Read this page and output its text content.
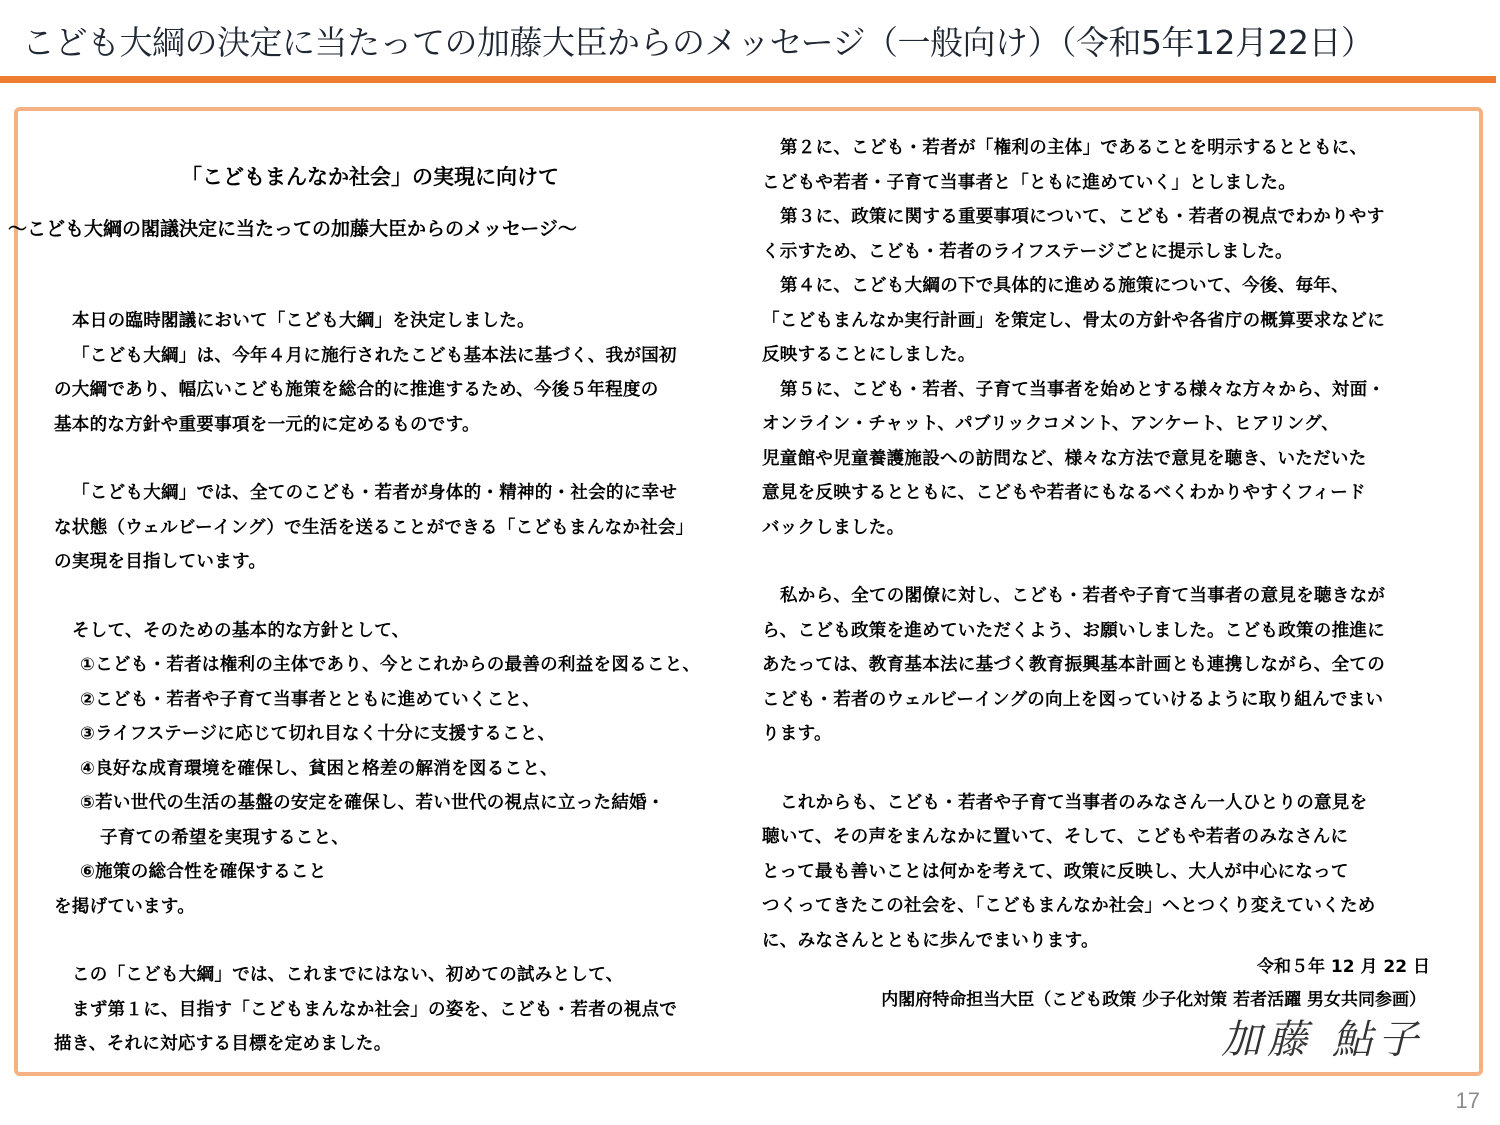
こども大綱の決定に当たっての加藤大臣からのメッセージ（一般向け）（令和5年12月22日）
「こどもまんなか社会」の実現に向けて
～こども大綱の閣議決定に当たっての加藤大臣からのメッセージ～
本日の臨時閣議において「こども大綱」を決定しました。
「こども大綱」は、今年４月に施行されたこども基本法に基づく、我が国初
の大綱であり、幅広いこども施策を総合的に推進するため、今後５年程度の
基本的な方針や重要事項を一元的に定めるものです。
「こども大綱」では、全てのこども・若者が身体的・精神的・社会的に幸せ
な状態（ウェルビーイング）で生活を送ることができる「こどもまんなか社会」
の実現を目指しています。
そして、そのための基本的な方針として、
①こども・若者は権利の主体であり、今とこれからの最善の利益を図ること、
②こども・若者や子育て当事者とともに進めていくこと、
③ライフステージに応じて切れ目なく十分に支援すること、
④良好な成育環境を確保し、貧困と格差の解消を図ること、
⑤若い世代の生活の基盤の安定を確保し、若い世代の視点に立った結婚・
子育ての希望を実現すること、
⑥施策の総合性を確保すること
を掲げています。
この「こども大綱」では、これまでにはない、初めての試みとして、
まず第１に、目指す「こどもまんなか社会」の姿を、こども・若者の視点で
描き、それに対応する目標を定めました。
第２に、こども・若者が「権利の主体」であることを明示するとともに、
こどもや若者・子育て当事者と「ともに進めていく」としました。
第３に、政策に関する重要事項について、こども・若者の視点でわかりやす
く示すため、こども・若者のライフステージごとに提示しました。
第４に、こども大綱の下で具体的に進める施策について、今後、毎年、
「こどもまんなか実行計画」を策定し、骨太の方針や各省庁の概算要求などに
反映することにしました。
第５に、こども・若者、子育て当事者を始めとする様々な方々から、対面・
オンライン・チャット、パブリックコメント、アンケート、ヒアリング、
児童館や児童養護施設への訪問など、様々な方法で意見を聴き、いただいた
意見を反映するとともに、こどもや若者にもなるべくわかりやすくフィード
バックしました。
私から、全ての閣僚に対し、こども・若者や子育て当事者の意見を聴きなが
ら、こども政策を進めていただくよう、お願いしました。こども政策の推進に
あたっては、教育基本法に基づく教育振興基本計画とも連携しながら、全ての
こども・若者のウェルビーイングの向上を図っていけるように取り組んでまい
ります。
これからも、こども・若者や子育て当事者のみなさん一人ひとりの意見を
聴いて、その声をまんなかに置いて、そして、こどもや若者のみなさんに
とって最も善いことは何かを考えて、政策に反映し、大人が中心になって
つくってきたこの社会を、「こどもまんなか社会」へとつくり変えていくため
に、みなさんとともに歩んでまいります。
令和５年 12 月 22 日
内閣府特命担当大臣（こども政策 少子化対策 若者活躍 男女共同参画）
加藤 鮎子
17
